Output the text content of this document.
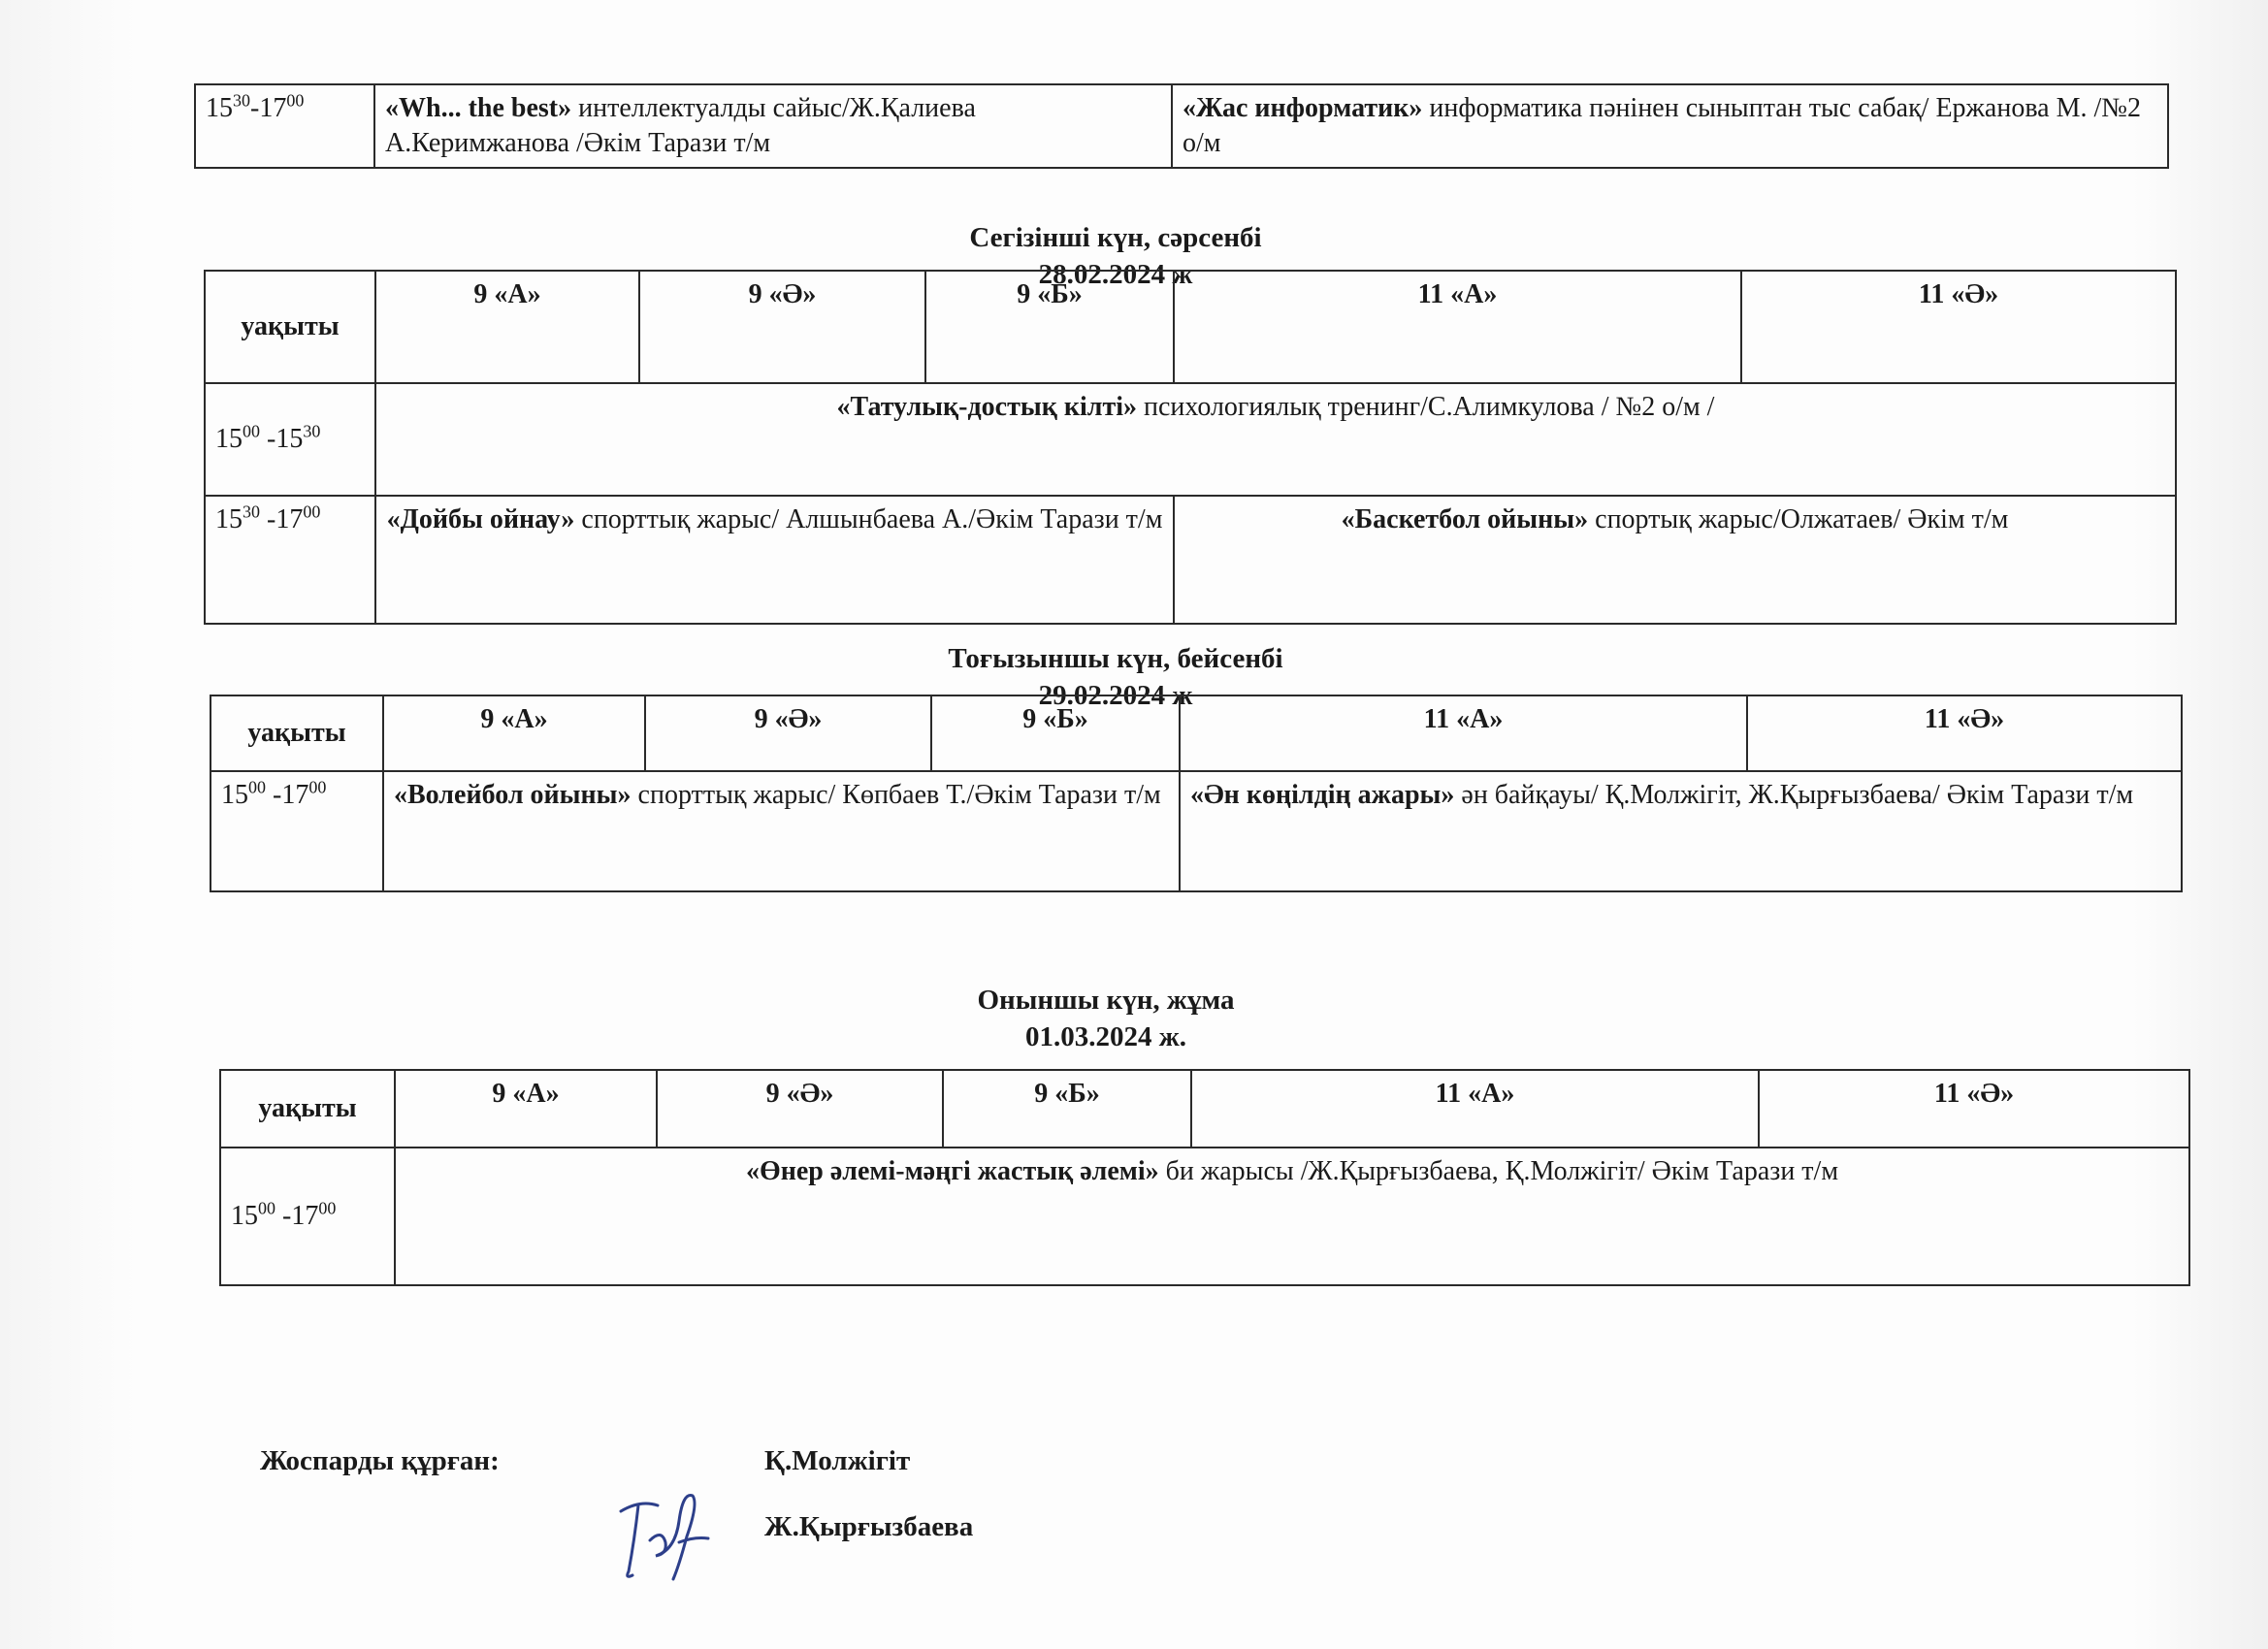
$15^{30}-17^{00}$	«Wh... the best» интеллектуалды сайыс/Ж.Қалиева А.Керимжанова /Әкім Тарази т/м	«Жас информатик» информатика пәнінен сыныптан тыс сабақ/ Ержанова М. /№2 о/м
Сегізінші күн, сәрсенбі
28.02.2024 ж
уақыты	9 «А»	9 «Ә»	9 «Б»	11 «А»	11 «Ә»
$15^{00}$ $-15^{30}$	«Татулық-достық кілті» психологиялық тренинг/С.Алимкулова / №2 о/м /				
$15^{30}$ $-17^{00}$	«Дойбы ойнау» спорттық жарыс/ Алшынбаева А./Әкім Тарази т/м			«Баскетбол ойыны» спортық жарыс/Олжатаев/ Әкім т/м	
Тоғызыншы күн, бейсенбі
29.02.2024 ж
уақыты	9 «А»	9 «Ә»	9 «Б»	11 «А»	11 «Ә»
$15^{00}$ $-17^{00}$	«Волейбол ойыны» спорттық жарыс/ Көпбаев Т./Әкім Тарази т/м			«Ән көңілдің ажары» ән байқауы/ Қ.Молжігіт, Ж.Қырғызбаева/ Әкім Тарази т/м	
Оныншы күн, жұма
01.03.2024 ж.
уақыты	9 «А»	9 «Ә»	9 «Б»	11 «А»	11 «Ә»
$15^{00}$ $-17^{00}$	«Өнер әлемі-мәңгі жастық әлемі» би жарысы /Ж.Қырғызбаева, Қ.Молжігіт/ Әкім Тарази т/м				
Жоспарды құрған:	Қ.Молжігіт
Ж.Қырғызбаева
